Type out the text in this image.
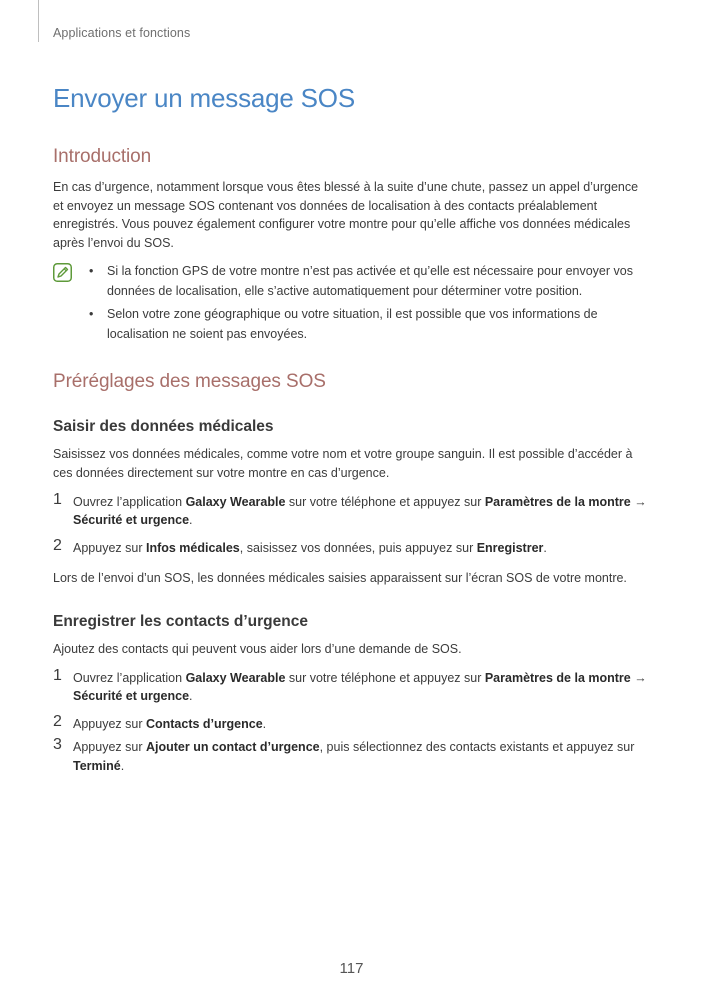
Applications et fonctions
Envoyer un message SOS
Introduction

En cas d’urgence, notamment lorsque vous êtes blessé à la suite d’une chute, passez un appel d’urgence et envoyez un message SOS contenant vos données de localisation à des contacts préalablement enregistrés. Vous pouvez également configurer votre montre pour qu’elle affiche vos données médicales après l’envoi du SOS.

• Si la fonction GPS de votre montre n’est pas activée et qu’elle est nécessaire pour envoyer vos données de localisation, elle s’active automatiquement pour déterminer votre position.
• Selon votre zone géographique ou votre situation, il est possible que vos informations de localisation ne soient pas envoyées.
Préréglages des messages SOS
Saisir des données médicales

Saisissez vos données médicales, comme votre nom et votre groupe sanguin. Il est possible d’accéder à ces données directement sur votre montre en cas d’urgence.

1 Ouvrez l’application Galaxy Wearable sur votre téléphone et appuyez sur Paramètres de la montre → Sécurité et urgence.
2 Appuyez sur Infos médicales, saisissez vos données, puis appuyez sur Enregistrer.

Lors de l’envoi d’un SOS, les données médicales saisies apparaissent sur l’écran SOS de votre montre.

Enregistrer les contacts d’urgence

Ajoutez des contacts qui peuvent vous aider lors d’une demande de SOS.

1 Ouvrez l’application Galaxy Wearable sur votre téléphone et appuyez sur Paramètres de la montre → Sécurité et urgence.
2 Appuyez sur Contacts d’urgence.
3 Appuyez sur Ajouter un contact d’urgence, puis sélectionnez des contacts existants et appuyez sur Terminé.
117
